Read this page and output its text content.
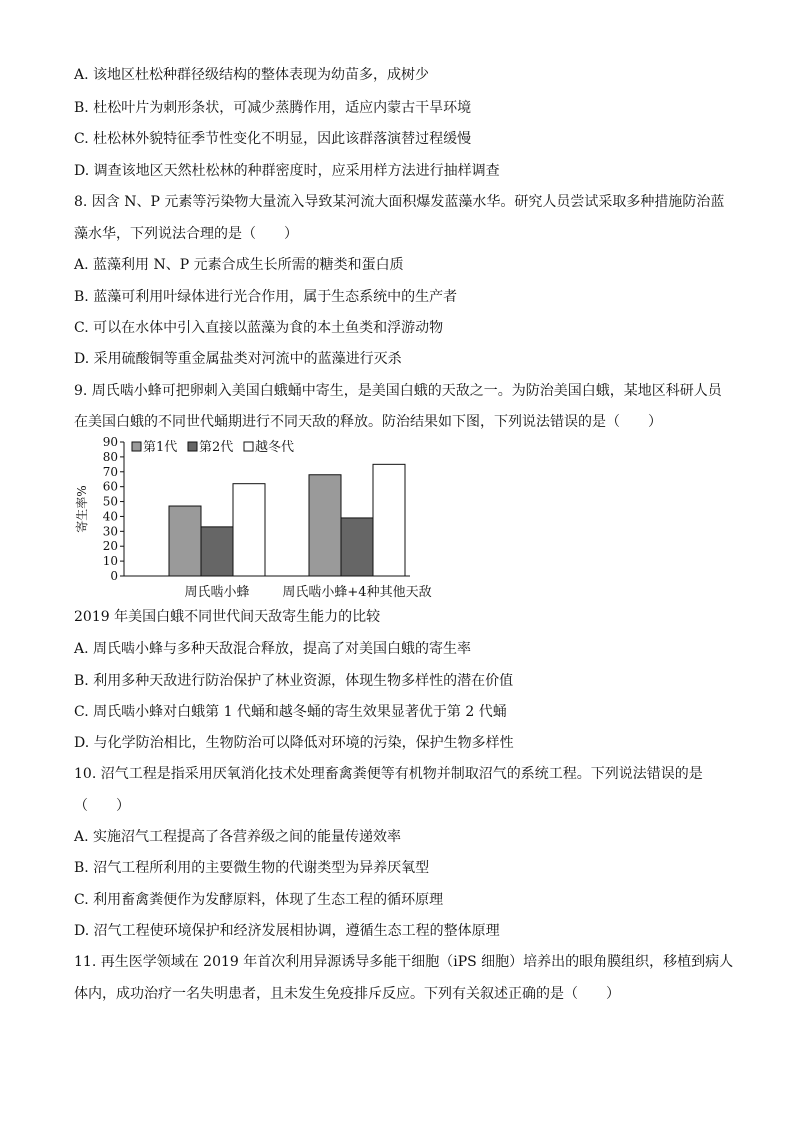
A. 该地区杜松种群径级结构的整体表现为幼苗多，成树少
B. 杜松叶片为刺形条状，可减少蒸腾作用，适应内蒙古干旱环境
C. 杜松林外貌特征季节性变化不明显，因此该群落演替过程缓慢
D. 调查该地区天然杜松林的种群密度时，应采用样方法进行抽样调查
8. 因含 N、P 元素等污染物大量流入导致某河流大面积爆发蓝藻水华。研究人员尝试采取多种措施防治蓝
藻水华，下列说法合理的是（　　）
A. 蓝藻利用 N、P 元素合成生长所需的糖类和蛋白质
B. 蓝藻可利用叶绿体进行光合作用，属于生态系统中的生产者
C. 可以在水体中引入直接以蓝藻为食的本土鱼类和浮游动物
D. 采用硫酸铜等重金属盐类对河流中的蓝藻进行灭杀
9. 周氏啮小蜂可把卵刺入美国白蛾蛹中寄生，是美国白蛾的天敌之一。为防治美国白蛾，某地区科研人员
在美国白蛾的不同世代蛹期进行不同天敌的释放。防治结果如下图，下列说法错误的是（　　）
0
10
20
30
40
50
60
70
80
90
寄生率%
周氏啮小蜂	周氏啮小蜂+4种其他天敌
第1代 第2代 越冬代
2019 年美国白蛾不同世代间天敌寄生能力的比较
A. 周氏啮小蜂与多种天敌混合释放，提高了对美国白蛾的寄生率
B. 利用多种天敌进行防治保护了林业资源，体现生物多样性的潜在价值
C. 周氏啮小蜂对白蛾第 1 代蛹和越冬蛹的寄生效果显著优于第 2 代蛹
D. 与化学防治相比，生物防治可以降低对环境的污染，保护生物多样性
10. 沼气工程是指采用厌氧消化技术处理畜禽粪便等有机物并制取沼气的系统工程。下列说法错误的是
（　　）
A. 实施沼气工程提高了各营养级之间的能量传递效率
B. 沼气工程所利用的主要微生物的代谢类型为异养厌氧型
C. 利用畜禽粪便作为发酵原料，体现了生态工程的循环原理
D. 沼气工程使环境保护和经济发展相协调，遵循生态工程的整体原理
11. 再生医学领域在 2019 年首次利用异源诱导多能干细胞（iPS 细胞）培养出的眼角膜组织，移植到病人
体内，成功治疗一名失明患者，且未发生免疫排斥反应。下列有关叙述正确的是（　　）
